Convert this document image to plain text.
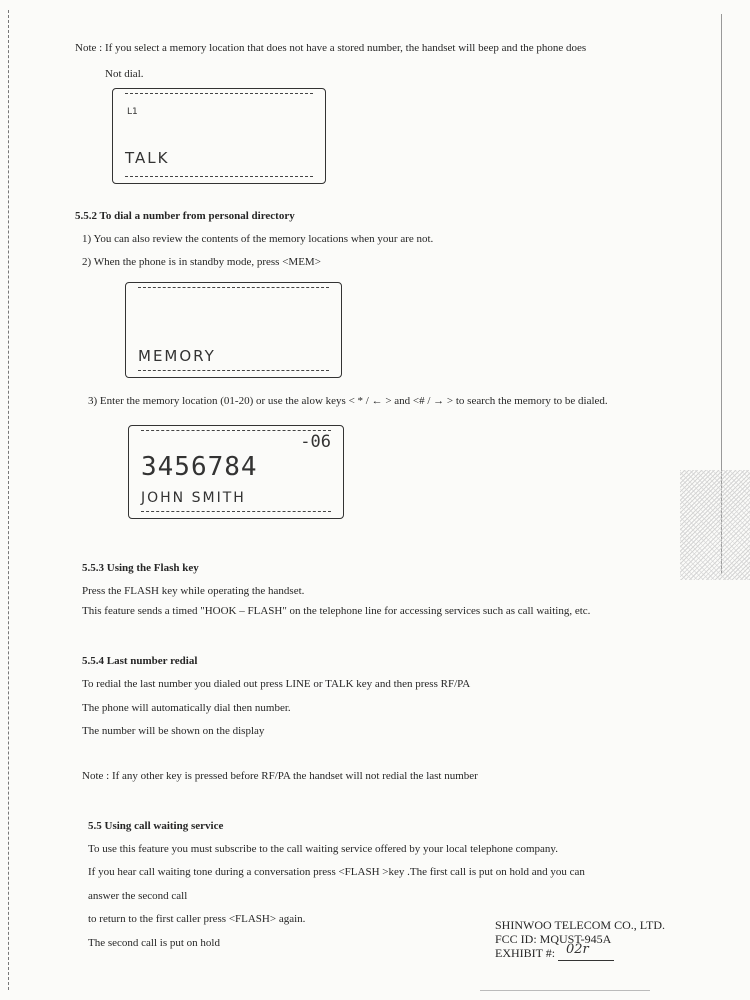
Note : If you select a memory location that does not have a stored number, the handset will beep and the phone does
Not dial.
L1
TALK
5.5.2 To dial a number from personal directory
1) You can also review the contents of the memory locations when your are not.
2) When the phone is in standby mode, press <MEM>
MEMORY
3) Enter the memory location (01-20) or use the alow keys < * / ← > and <# / → > to search the memory to be dialed.
-06
3456784
JOHN SMITH
5.5.3 Using the Flash key
Press the FLASH key while operating the handset.
This feature sends a timed "HOOK – FLASH" on the telephone line for accessing services such as call waiting, etc.
5.5.4 Last number redial
To redial the last number you dialed out press LINE or TALK key and then press RF/PA
The phone will automatically dial then number.
The number will be shown on the display
Note : If any other key is pressed before RF/PA the handset will not redial the last number
5.5 Using call waiting service
To use this feature you must subscribe to the call waiting service offered by your local telephone company.
If you hear call waiting tone during a conversation press <FLASH >key .The first call is put on hold and you can
answer the second call
to return to the first caller press <FLASH> again.
The second call is put on hold
SHINWOO TELECOM CO., LTD.
FCC ID: MQUST-945A
EXHIBIT #: 02r
